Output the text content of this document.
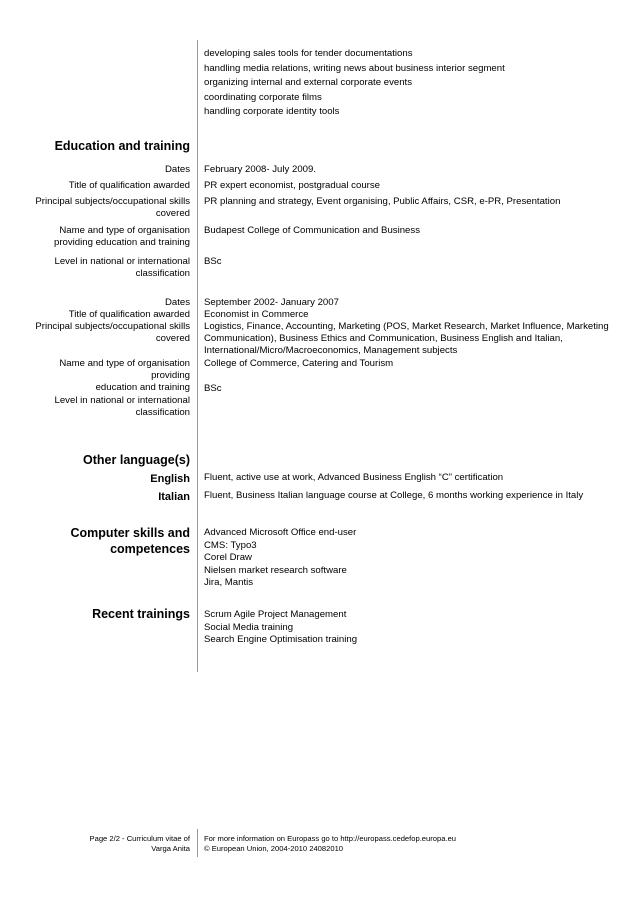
developing sales tools for tender documentations
handling media relations, writing news about business interior segment
organizing internal and external corporate events
coordinating corporate films
handling corporate identity tools
Education and training
Dates February 2008- July 2009.
Title of qualification awarded PR expert economist, postgradual course
Principal subjects/occupational skills
covered
PR planning and strategy, Event organising, Public Affairs, CSR, e-PR, Presentation
Name and type of organisation
providing education and training
Budapest College of Communication and Business
Level in national or international
classification
BSc
Dates September 2002- January 2007
Title of qualification awarded Economist in Commerce
Principal subjects/occupational skills
covered
Logistics, Finance, Accounting, Marketing (POS, Market Research, Market Influence, Marketing
Communication), Business Ethics and Communication, Business English and Italian,
International/Micro/Macroeconomics, Management subjects
Name and type of organisation
providing
education and training
College of Commerce, Catering and Tourism
Level in national or international
classification
BSc
Other language(s)
English Fluent, active use at work, Advanced Business English “C” certification
Italian Fluent, Business Italian language course at College, 6 months working experience in Italy
Computer skills and
competences
Advanced Microsoft Office end-user
CMS: Typo3
Corel Draw
Nielsen market research software
Jira, Mantis
Recent trainings Scrum Agile Project Management
Social Media training
Search Engine Optimisation training
Page 2/2 - Curriculum vitae of
Varga Anita
For more information on Europass go to http://europass.cedefop.europa.eu
© European Union, 2004-2010 24082010
